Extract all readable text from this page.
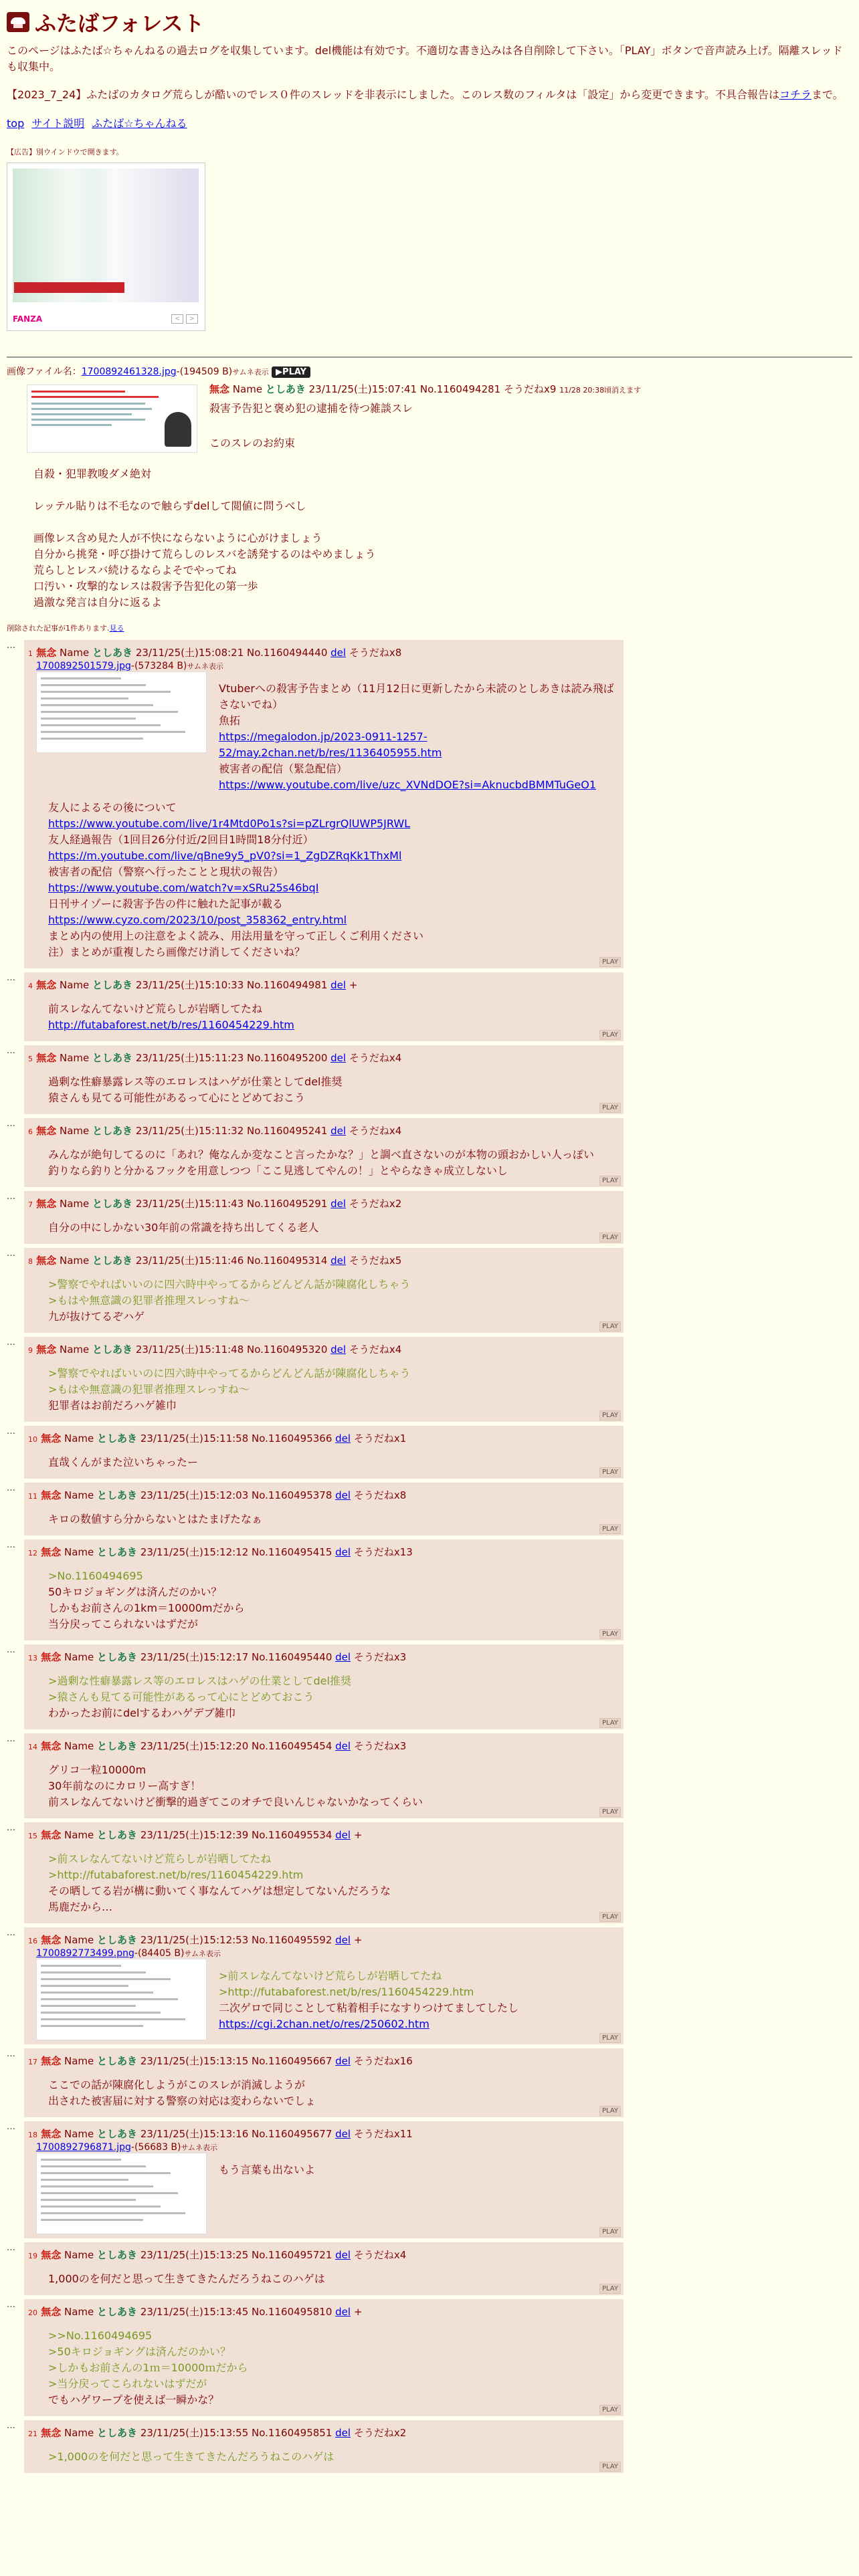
ふたばフォレスト

このページはふたば☆ちゃんねるの過去ログを収集しています。del機能は有効です。不適切な書き込みは各自削除して下さい。「PLAY」ボタンで音声読み上げ。隔離スレッドも収集中。

【2023_7_24】ふたばのカタログ荒らしが酷いのでレス０件のスレッドを非表示にしました。このレス数のフィルタは「設定」から変更できます。不具合報告はコチラまで。

top サイト説明 ふたば☆ちゃんねる
【広告】別ウインドウで開きます。
FANZA	<	>
画像ファイル名：1700892461328.jpg-(194509 B)サムネ表示 ▶PLAY
無念 Name としあき 23/11/25(土)15:07:41 No.1160494281 そうだねx9 11/28 20:38頃消えます
殺害予告犯と褒め犯の逮捕を待つ雑談スレ

このスレのお約束
自殺・犯罪教唆ダメ絶対

レッテル貼りは不毛なので触らずdelして閲値に問うべし

画像レス含め見た人が不快にならないように心がけましょう
自分から挑発・呼び掛けて荒らしのレスバを誘発するのはやめましょう
荒らしとレスバ続けるならよそでやってね
口汚い・攻撃的なレスは殺害予告犯化の第一歩
過激な発言は自分に返るよ
削除された記事が1件あります.見る
…
1 無念 Name としあき 23/11/25(土)15:08:21 No.1160494440 del そうだねx8
1700892501579.jpg-(573284 B)サムネ表示
Vtuberへの殺害予告まとめ（11月12日に更新したから未読のとしあきは読み飛ばさないでね）
魚拓
https://megalodon.jp/2023-0911-1257-52/may.2chan.net/b/res/1136405955.htm
被害者の配信（緊急配信）
https://www.youtube.com/live/uzc_XVNdDOE?si=AknucbdBMMTuGeO1
友人によるその後について
https://www.youtube.com/live/1r4Mtd0Po1s?si=pZLrgrQlUWP5JRWL
友人経過報告（1回目26分付近/2回目1時間18分付近）
https://m.youtube.com/live/qBne9y5_pV0?si=1_ZgDZRqKk1ThxMl
被害者の配信（警察へ行ったことと現状の報告）
https://www.youtube.com/watch?v=xSRu25s46bqI
日刊サイゾーに殺害予告の件に触れた記事が載る
https://www.cyzo.com/2023/10/post_358362_entry.html
まとめ内の使用上の注意をよく読み、用法用量を守って正しくご利用ください
注）まとめが重複したら画像だけ消してくださいね？
PLAY
…
4 無念 Name としあき 23/11/25(土)15:10:33 No.1160494981 del +
前スレなんてないけど荒らしが岩晒してたね
http://futabaforest.net/b/res/1160454229.htm
PLAY
…
5 無念 Name としあき 23/11/25(土)15:11:23 No.1160495200 del そうだねx4
過剰な性癖暴露レス等のエロレスはハゲが仕業としてdel推奨
猿さんも見てる可能性があるって心にとどめておこう
PLAY
…
6 無念 Name としあき 23/11/25(土)15:11:32 No.1160495241 del そうだねx4
みんなが絶句してるのに「あれ？俺なんか変なこと言ったかな？」と調べ直さないのが本物の頭おかしい人っぽい
釣りなら釣りと分かるフックを用意しつつ「ここ見逃してやんの！」とやらなきゃ成立しないし
PLAY
…
7 無念 Name としあき 23/11/25(土)15:11:43 No.1160495291 del そうだねx2
自分の中にしかない30年前の常識を持ち出してくる老人
PLAY
…
8 無念 Name としあき 23/11/25(土)15:11:46 No.1160495314 del そうだねx5
>警察でやればいいのに四六時中やってるからどんどん話が陳腐化しちゃう
>もはや無意識の犯罪者推理スレっすね～
九が抜けてるぞハゲ
PLAY
…
9 無念 Name としあき 23/11/25(土)15:11:48 No.1160495320 del そうだねx4
>警察でやればいいのに四六時中やってるからどんどん話が陳腐化しちゃう
>もはや無意識の犯罪者推理スレっすね～
犯罪者はお前だろハゲ雑巾
PLAY
…
10 無念 Name としあき 23/11/25(土)15:11:58 No.1160495366 del そうだねx1
直哉くんがまた泣いちゃったー
PLAY
…
11 無念 Name としあき 23/11/25(土)15:12:03 No.1160495378 del そうだねx8
キロの数値すら分からないとはたまげたなぁ
PLAY
…
12 無念 Name としあき 23/11/25(土)15:12:12 No.1160495415 del そうだねx13
>No.1160494695
50キロジョギングは済んだのかい？
しかもお前さんの1km＝10000mだから
当分戻ってこられないはずだが
PLAY
…
13 無念 Name としあき 23/11/25(土)15:12:17 No.1160495440 del そうだねx3
>過剰な性癖暴露レス等のエロレスはハゲの仕業としてdel推奨
>猿さんも見てる可能性があるって心にとどめておこう
わかったお前にdelするわハゲデブ雑巾
PLAY
…
14 無念 Name としあき 23/11/25(土)15:12:20 No.1160495454 del そうだねx3
グリコ一粒10000m
30年前なのにカロリー高すぎ！
前スレなんてないけど衝撃的過ぎてこのオチで良いんじゃないかなってくらい
PLAY
…
15 無念 Name としあき 23/11/25(土)15:12:39 No.1160495534 del +
>前スレなんてないけど荒らしが岩晒してたね
>http://futabaforest.net/b/res/1160454229.htm
その晒してる岩が構に動いてく事なんてハゲは想定してないんだろうな
馬鹿だから…
PLAY
…
16 無念 Name としあき 23/11/25(土)15:12:53 No.1160495592 del +
1700892773499.png-(84405 B)サムネ表示
>前スレなんてないけど荒らしが岩晒してたね
>http://futabaforest.net/b/res/1160454229.htm
二次ゲロで同じことして粘着相手になすりつけてましてしたし
https://cgi.2chan.net/o/res/250602.htm
PLAY
…
17 無念 Name としあき 23/11/25(土)15:13:15 No.1160495667 del そうだねx16
ここでの話が陳腐化しようがこのスレが消滅しようが
出された被害届に対する警察の対応は変わらないでしょ
PLAY
…
18 無念 Name としあき 23/11/25(土)15:13:16 No.1160495677 del そうだねx11
1700892796871.jpg-(56683 B)サムネ表示
もう言葉も出ないよ
PLAY
…
19 無念 Name としあき 23/11/25(土)15:13:25 No.1160495721 del そうだねx4
1,000のを何だと思って生きてきたんだろうねこのハゲは
PLAY
…
20 無念 Name としあき 23/11/25(土)15:13:45 No.1160495810 del +
>>No.1160494695
>50キロジョギングは済んだのかい？
>しかもお前さんの1ｍ＝10000ｍだから
>当分戻ってこられないはずだが
でもハゲワープを使えば一瞬かな？
PLAY
…
21 無念 Name としあき 23/11/25(土)15:13:55 No.1160495851 del そうだねx2
>1,000のを何だと思って生きてきたんだろうねこのハゲは
PLAY
